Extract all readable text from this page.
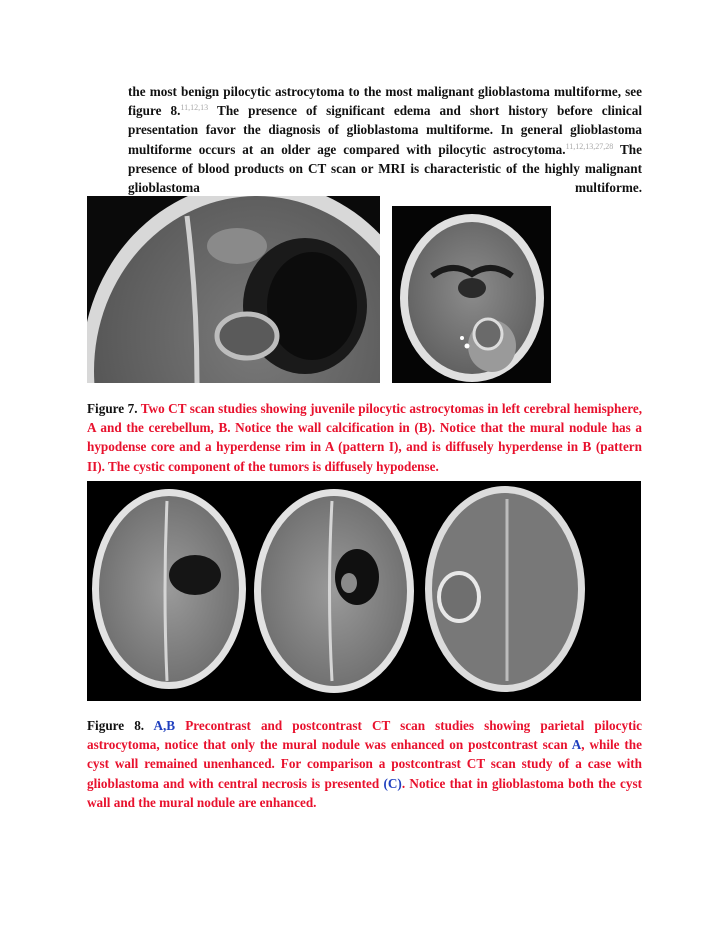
the most benign pilocytic astrocytoma to the most malignant glioblastoma multiforme, see figure 8.$^{11,12,13}$ The presence of significant edema and short history before clinical presentation favor the diagnosis of glioblastoma multiforme. In general glioblastoma multiforme occurs at an older age compared with pilocytic astrocytoma.$^{11,12,13,27,28}$ The presence of blood products on CT scan or MRI is characteristic of the highly malignant glioblastoma multiforme.
Figure 7. Two CT scan studies showing juvenile pilocytic astrocytomas in left cerebral hemisphere, A and the cerebellum, B. Notice the wall calcification in (B). Notice that the mural nodule has a hypodense core and a hyperdense rim in A (pattern I), and is diffusely hyperdense in B (pattern II). The cystic component of the tumors is diffusely hypodense.
Figure 8. A,B Precontrast and postcontrast CT scan studies showing parietal pilocytic astrocytoma, notice that only the mural nodule was enhanced on postcontrast scan A, while the cyst wall remained unenhanced. For comparison a postcontrast CT scan study of a case with glioblastoma and with central necrosis is presented (C). Notice that in glioblastoma both the cyst wall and the mural nodule are enhanced.
